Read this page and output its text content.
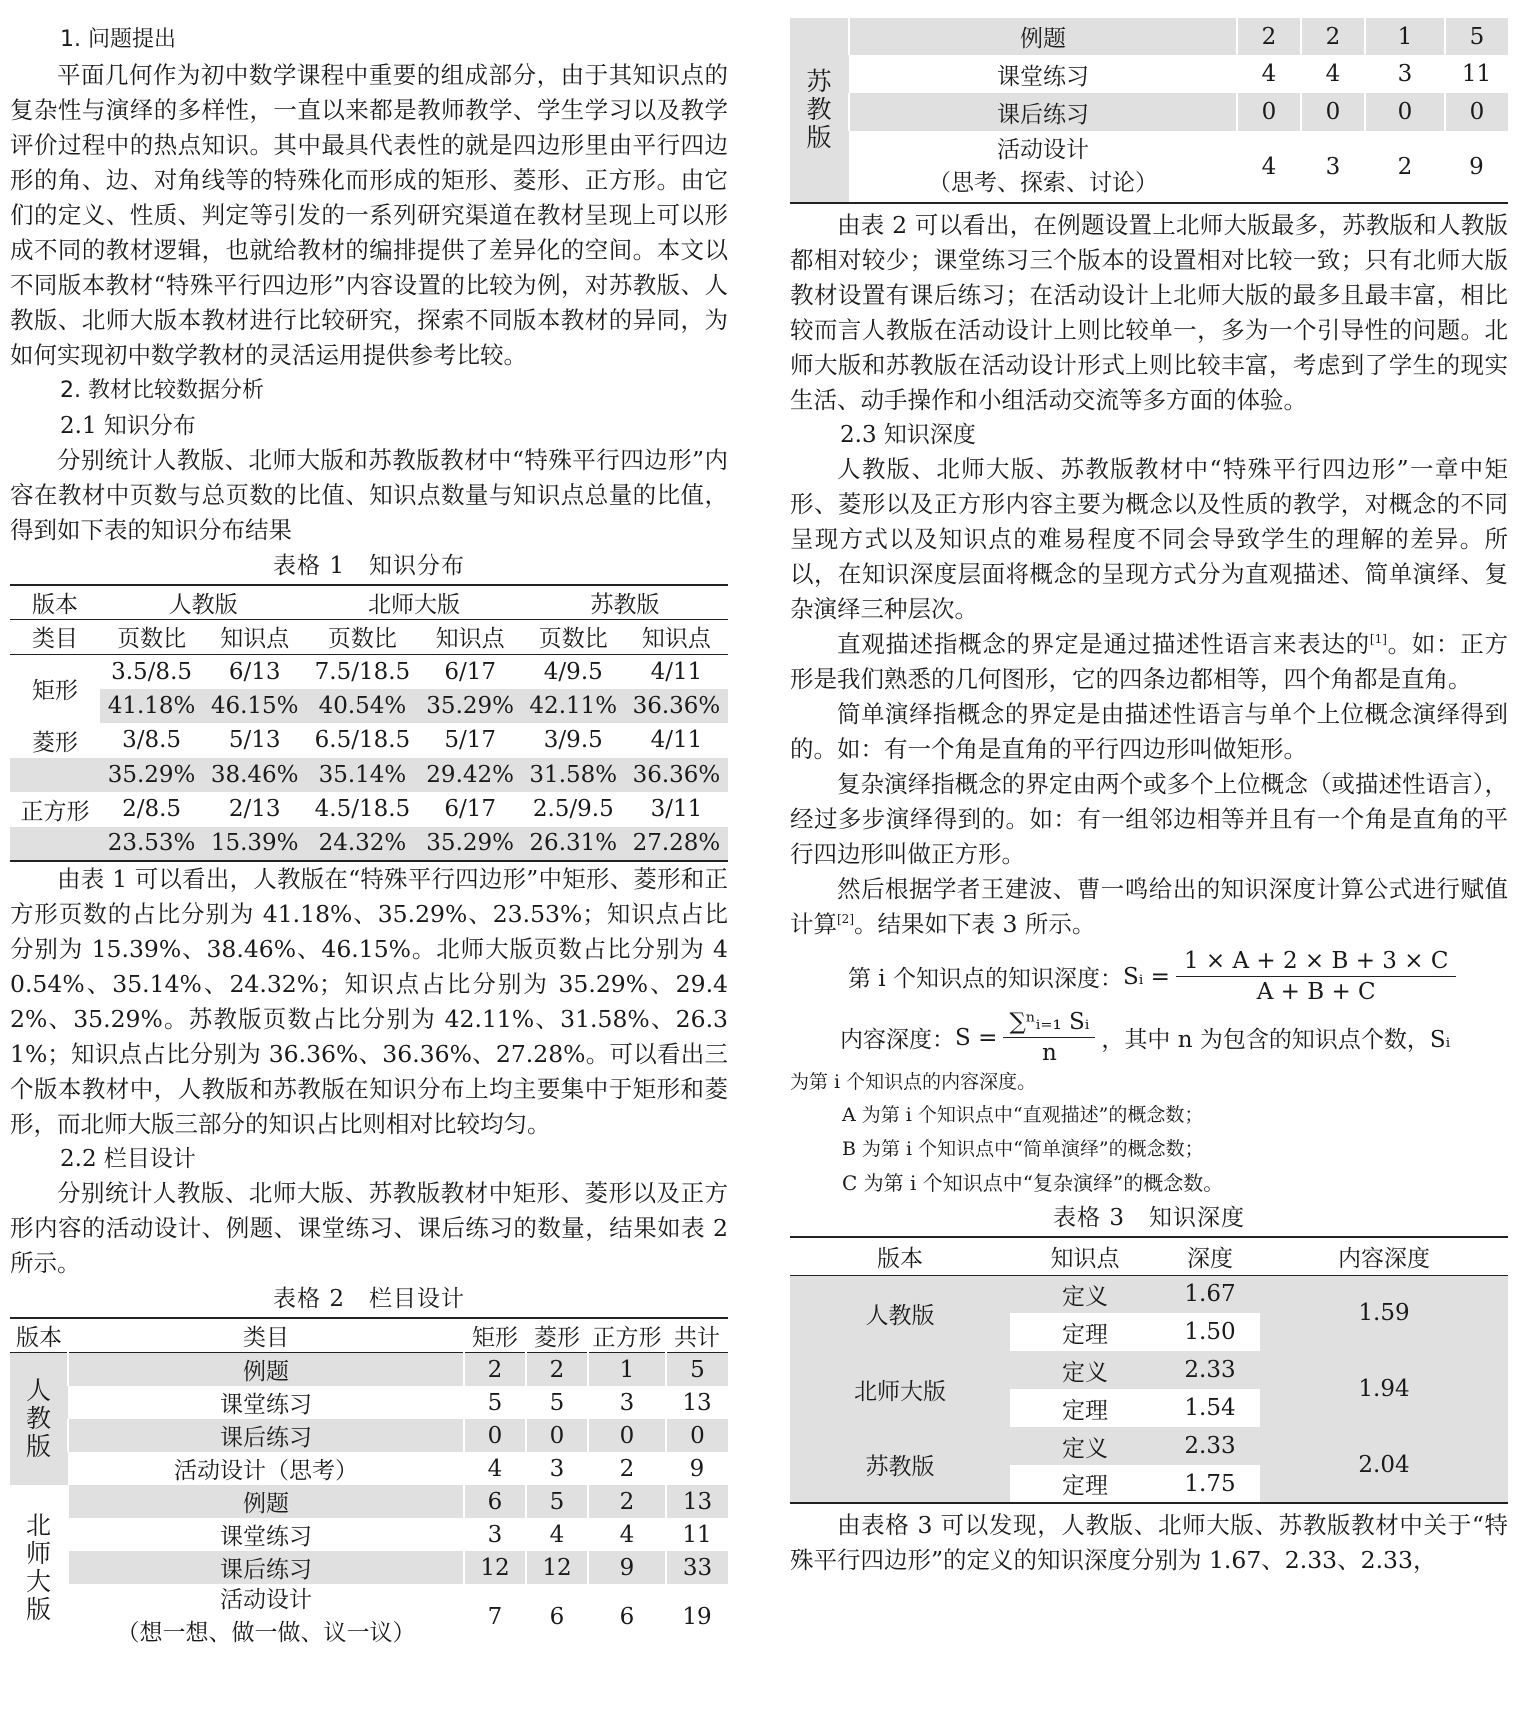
1. 问题提出

平面几何作为初中数学课程中重要的组成部分，由于其知识点的复杂性与演绎的多样性，一直以来都是教师教学、学生学习以及教学评价过程中的热点知识。其中最具代表性的就是四边形里由平行四边形的角、边、对角线等的特殊化而形成的矩形、菱形、正方形。由它们的定义、性质、判定等引发的一系列研究渠道在教材呈现上可以形成不同的教材逻辑，也就给教材的编排提供了差异化的空间。本文以不同版本教材“特殊平行四边形”内容设置的比较为例，对苏教版、人教版、北师大版本教材进行比较研究，探索不同版本教材的异同，为如何实现初中数学教材的灵活运用提供参考比较。

2. 教材比较数据分析

2.1 知识分布

分别统计人教版、北师大版和苏教版教材中“特殊平行四边形”内容在教材中页数与总页数的比值、知识点数量与知识点总量的比值，得到如下表的知识分布结果

表格 1　知识分布

版本	人教版		北师大版		苏教版	
类目	页数比	知识点	页数比	知识点	页数比	知识点
矩形	3.5/8.5	6/13	7.5/18.5	6/17	4/9.5	4/11
	41.18%	46.15%	40.54%	35.29%	42.11%	36.36%
菱形	3/8.5	5/13	6.5/18.5	5/17	3/9.5	4/11
	35.29%	38.46%	35.14%	29.42%	31.58%	36.36%
正方形	2/8.5	2/13	4.5/18.5	6/17	2.5/9.5	3/11
	23.53%	15.39%	24.32%	35.29%	26.31%	27.28%

由表 1 可以看出，人教版在“特殊平行四边形”中矩形、菱形和正方形页数的占比分别为 41.18%、35.29%、23.53%；知识点占比分别为 15.39%、38.46%、46.15%。北师大版页数占比分别为 40.54%、35.14%、24.32%；知识点占比分别为 35.29%、29.42%、35.29%。苏教版页数占比分别为 42.11%、31.58%、26.31%；知识点占比分别为 36.36%、36.36%、27.28%。可以看出三个版本教材中，人教版和苏教版在知识分布上均主要集中于矩形和菱形，而北师大版三部分的知识占比则相对比较均匀。

2.2 栏目设计

分别统计人教版、北师大版、苏教版教材中矩形、菱形以及正方形内容的活动设计、例题、课堂练习、课后练习的数量，结果如表 2 所示。

表格 2　栏目设计

版本	类目	矩形	菱形	正方形	共计
人
教
版	例题	2	2	1	5
	课堂练习	5	5	3	13
	课后练习	0	0	0	0
	活动设计（思考）	4	3	2	9
北
师
大
版	例题	6	5	2	13
	课堂练习	3	4	4	11
	课后练习	12	12	9	33

	活动设计
（想一想、做一做、议一议）	7	6	6	19
苏
教
版	例题	2	2	1	5
	课堂练习	4	4	3	11
	课后练习	0	0	0	0

	活动设计
（思考、探索、讨论）	4	3	2	9

由表 2 可以看出，在例题设置上北师大版最多，苏教版和人教版都相对较少；课堂练习三个版本的设置相对比较一致；只有北师大版教材设置有课后练习；在活动设计上北师大版的最多且最丰富，相比较而言人教版在活动设计上则比较单一，多为一个引导性的问题。北师大版和苏教版在活动设计形式上则比较丰富，考虑到了学生的现实生活、动手操作和小组活动交流等多方面的体验。

2.3 知识深度

人教版、北师大版、苏教版教材中“特殊平行四边形”一章中矩形、菱形以及正方形内容主要为概念以及性质的教学，对概念的不同呈现方式以及知识点的难易程度不同会导致学生的理解的差异。所以，在知识深度层面将概念的呈现方式分为直观描述、简单演绎、复杂演绎三种层次。

直观描述指概念的界定是通过描述性语言来表达的[1]。如：正方形是我们熟悉的几何图形，它的四条边都相等，四个角都是直角。

简单演绎指概念的界定是由描述性语言与单个上位概念演绎得到的。如：有一个角是直角的平行四边形叫做矩形。

复杂演绎指概念的界定由两个或多个上位概念（或描述性语言），经过多步演绎得到的。如：有一组邻边相等并且有一个角是直角的平行四边形叫做正方形。

然后根据学者王建波、曹一鸣给出的知识深度计算公式进行赋值计算[2]。结果如下表 3 所示。

第 i 个知识点的知识深度： Sᵢ = $\frac{1 \times A + 2 \times B + 3 \times C}{A + B + C}$
内容深度： $S = \frac{\text{∑ⁿᵢ₌₁ Sᵢ}}{n}$ ，其中 n 为包含的知识点个数，Sᵢ

为第 i 个知识点的内容深度。

A 为第 i 个知识点中“直观描述”的概念数；

B 为第 i 个知识点中“简单演绎”的概念数；

C 为第 i 个知识点中“复杂演绎”的概念数。

表格 3　知识深度

版本	知识点	深度	内容深度
人教版	定义	1.67	1.59
	定理	1.50	
北师大版	定义	2.33	1.94
	定理	1.54	
苏教版	定义	2.33	2.04
	定理	1.75	

由表格 3 可以发现，人教版、北师大版、苏教版教材中关于“特殊平行四边形”的定义的知识深度分别为 1.67、2.33、2.33，
